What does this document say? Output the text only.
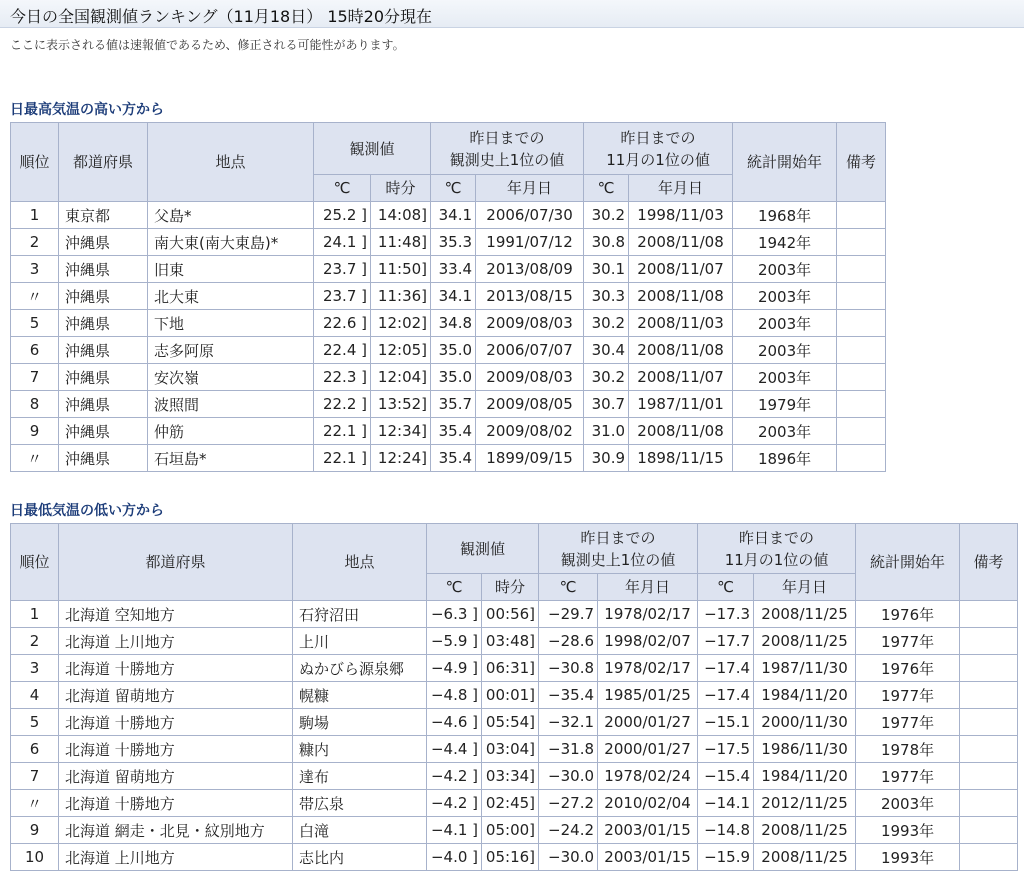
今日の全国観測値ランキング（11月18日） 15時20分現在
ここに表示される値は速報値であるため、修正される可能性があります。
日最高気温の高い方から
順位	都道府県	地点	観測値		昨日までの
観測史上1位の値		昨日までの
11月の1位の値		統計開始年	備考
			℃	時分	℃	年月日	℃	年月日		
1	東京都	父島*	25.2 ]	14:08]	34.1	2006/07/30	30.2	1998/11/03	1968年	
2	沖縄県	南大東(南大東島)*	24.1 ]	11:48]	35.3	1991/07/12	30.8	2008/11/08	1942年	
3	沖縄県	旧東	23.7 ]	11:50]	33.4	2013/08/09	30.1	2008/11/07	2003年	
〃	沖縄県	北大東	23.7 ]	11:36]	34.1	2013/08/15	30.3	2008/11/08	2003年	
5	沖縄県	下地	22.6 ]	12:02]	34.8	2009/08/03	30.2	2008/11/03	2003年	
6	沖縄県	志多阿原	22.4 ]	12:05]	35.0	2006/07/07	30.4	2008/11/08	2003年	
7	沖縄県	安次嶺	22.3 ]	12:04]	35.0	2009/08/03	30.2	2008/11/07	2003年	
8	沖縄県	波照間	22.2 ]	13:52]	35.7	2009/08/05	30.7	1987/11/01	1979年	
9	沖縄県	仲筋	22.1 ]	12:34]	35.4	2009/08/02	31.0	2008/11/08	2003年	
〃	沖縄県	石垣島*	22.1 ]	12:24]	35.4	1899/09/15	30.9	1898/11/15	1896年	
日最低気温の低い方から
順位	都道府県	地点	観測値		昨日までの
観測史上1位の値		昨日までの
11月の1位の値		統計開始年	備考
			℃	時分	℃	年月日	℃	年月日		
1	北海道 空知地方	石狩沼田	−6.3 ]	00:56]	−29.7	1978/02/17	−17.3	2008/11/25	1976年	
2	北海道 上川地方	上川	−5.9 ]	03:48]	−28.6	1998/02/07	−17.7	2008/11/25	1977年	
3	北海道 十勝地方	ぬかびら源泉郷	−4.9 ]	06:31]	−30.8	1978/02/17	−17.4	1987/11/30	1976年	
4	北海道 留萌地方	幌糠	−4.8 ]	00:01]	−35.4	1985/01/25	−17.4	1984/11/20	1977年	
5	北海道 十勝地方	駒場	−4.6 ]	05:54]	−32.1	2000/01/27	−15.1	2000/11/30	1977年	
6	北海道 十勝地方	糠内	−4.4 ]	03:04]	−31.8	2000/01/27	−17.5	1986/11/30	1978年	
7	北海道 留萌地方	達布	−4.2 ]	03:34]	−30.0	1978/02/24	−15.4	1984/11/20	1977年	
〃	北海道 十勝地方	帯広泉	−4.2 ]	02:45]	−27.2	2010/02/04	−14.1	2012/11/25	2003年	
9	北海道 網走・北見・紋別地方	白滝	−4.1 ]	05:00]	−24.2	2003/01/15	−14.8	2008/11/25	1993年	
10	北海道 上川地方	志比内	−4.0 ]	05:16]	−30.0	2003/01/15	−15.9	2008/11/25	1993年	
